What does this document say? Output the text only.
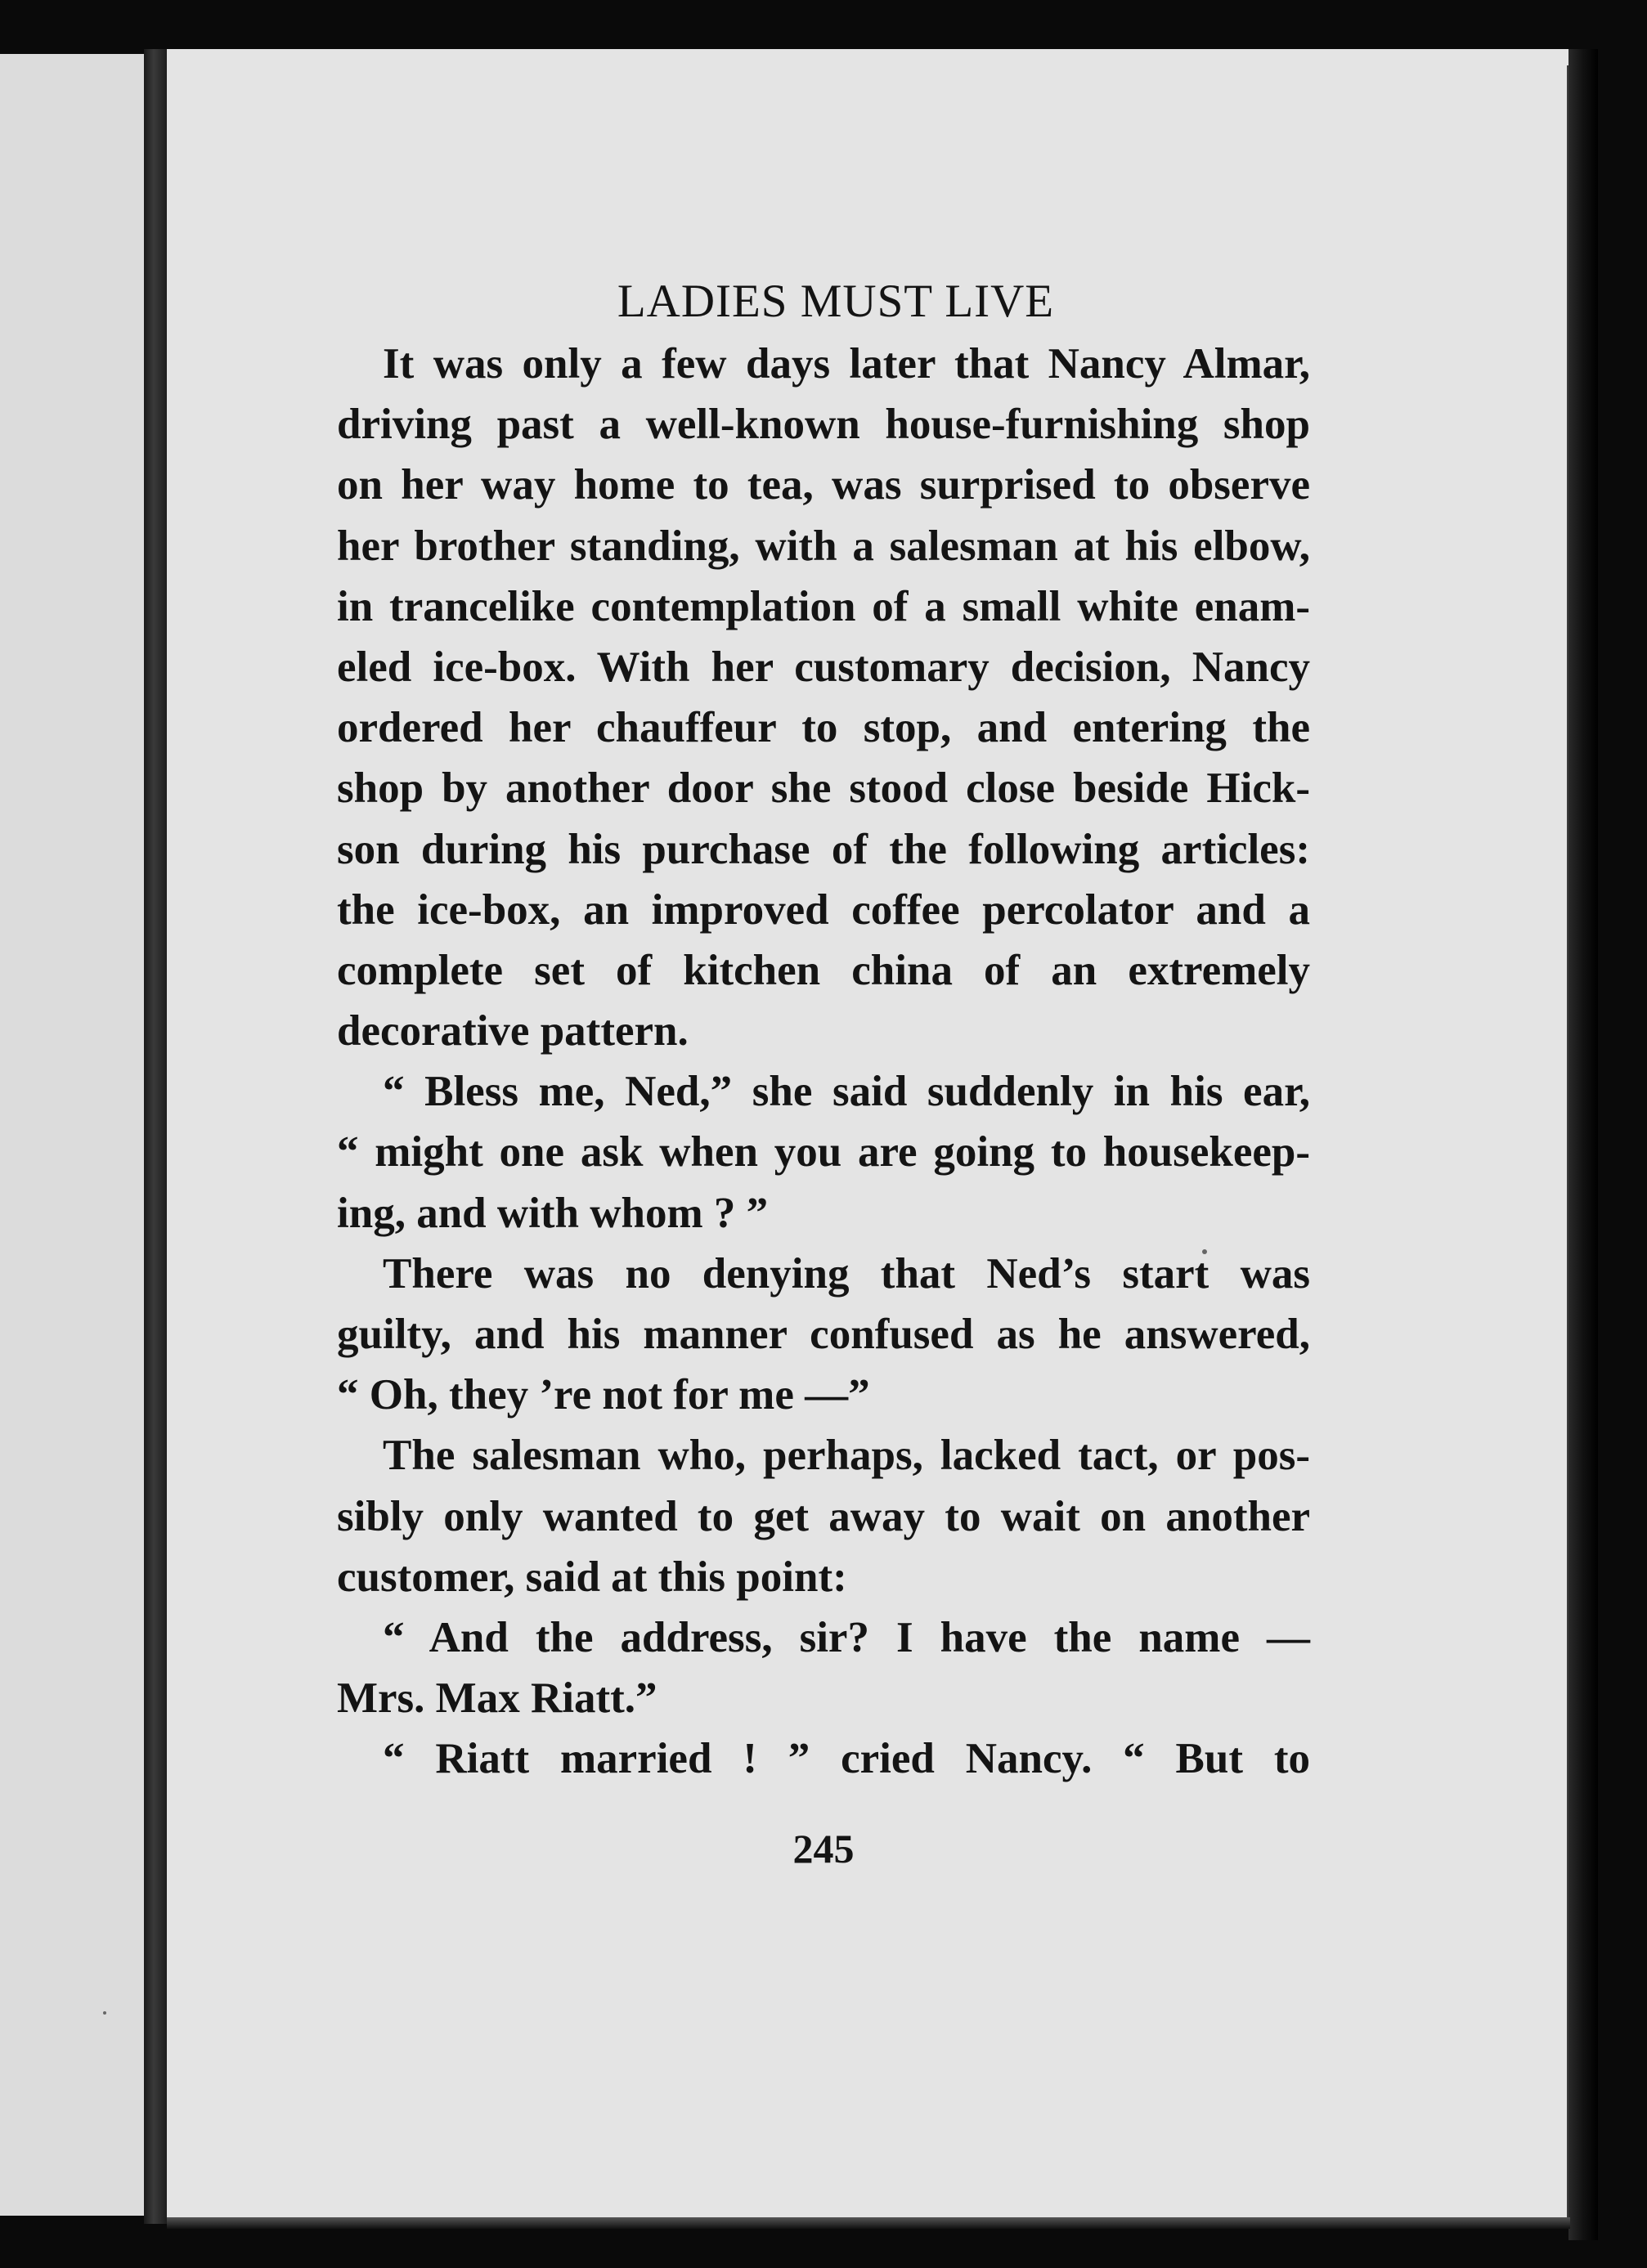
LADIES MUST LIVE
It was only a few days later that Nancy Almar,
driving past a well-known house-furnishing shop
on her way home to tea, was surprised to observe
her brother standing, with a salesman at his elbow,
in trancelike contemplation of a small white enam-
eled ice-box. With her customary decision, Nancy
ordered her chauffeur to stop, and entering the
shop by another door she stood close beside Hick-
son during his purchase of the following articles:
the ice-box, an improved coffee percolator and a
complete set of kitchen china of an extremely
decorative pattern.
“ Bless me, Ned,” she said suddenly in his ear,
“ might one ask when you are going to housekeep-
ing, and with whom ? ”
There was no denying that Ned’s start was
guilty, and his manner confused as he answered,
“ Oh, they ’re not for me —”
The salesman who, perhaps, lacked tact, or pos-
sibly only wanted to get away to wait on another
customer, said at this point:
“ And the address, sir? I have the name —
Mrs. Max Riatt.”
“ Riatt married ! ” cried Nancy. “ But to
245
